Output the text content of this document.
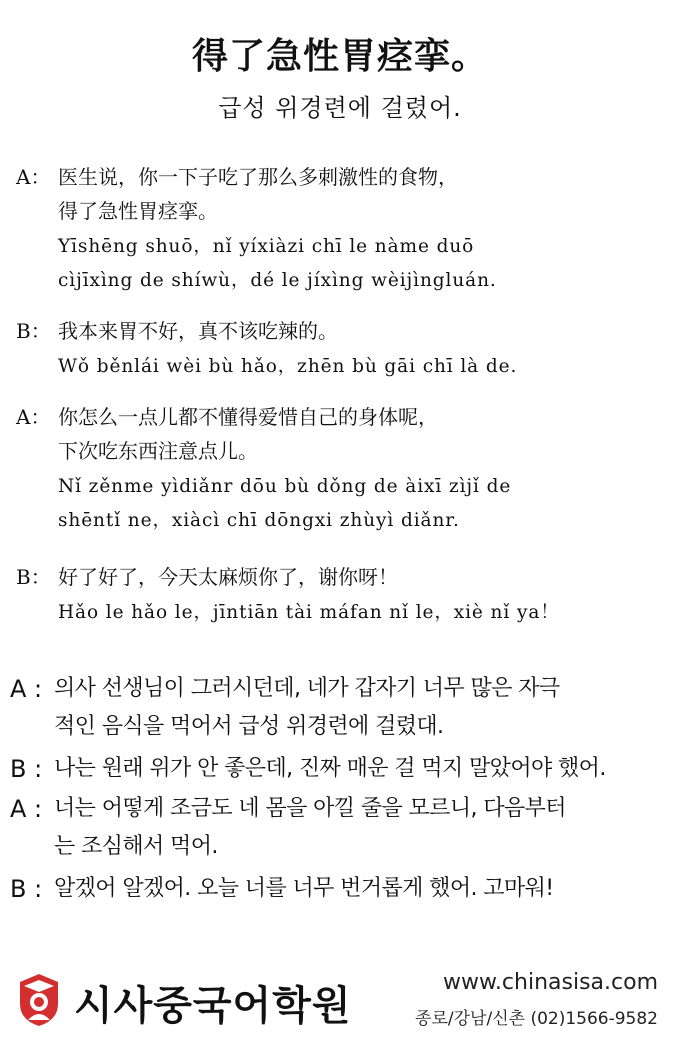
得了急性胃痉挛。
급성 위경련에 걸렸어.
A： 医生说，你一下子吃了那么多刺激性的食物，
得了急性胃痉挛。
Yīshēng shuō，nǐ yíxiàzi chī le nàme duō
cìjīxìng de shíwù，dé le jíxìng wèijìngluán.
B： 我本来胃不好，真不该吃辣的。
Wǒ běnlái wèi bù hǎo，zhēn bù gāi chī là de.
A： 你怎么一点儿都不懂得爱惜自己的身体呢，
下次吃东西注意点儿。
Nǐ zěnme yìdiǎnr dōu bù dǒng de àixī zìjǐ de
shēntǐ ne，xiàcì chī dōngxi zhùyì diǎnr.
B： 好了好了，今天太麻烦你了，谢你呀！
Hǎo le hǎo le，jīntiān tài máfan nǐ le，xiè nǐ ya！
A : 의사 선생님이 그러시던데, 네가 갑자기 너무 많은 자극
적인 음식을 먹어서 급성 위경련에 걸렸대.
B : 나는 원래 위가 안 좋은데, 진짜 매운 걸 먹지 말았어야 했어.
A : 너는 어떻게 조금도 네 몸을 아낄 줄을 모르니, 다음부터
는 조심해서 먹어.
B : 알겠어 알겠어. 오늘 너를 너무 번거롭게 했어. 고마워!
시사중국어학원
www.chinasisa.com
종로/강남/신촌 (02)1566-9582
